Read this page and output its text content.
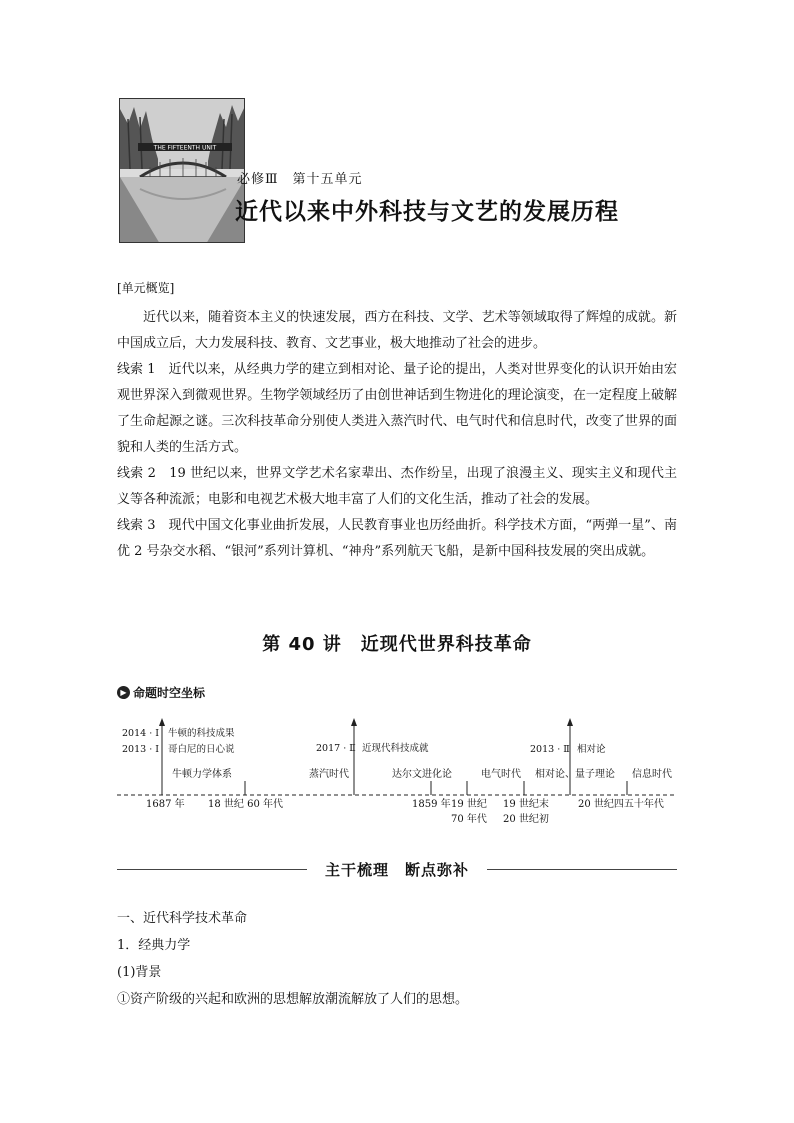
THE FIFTEENTH UNIT
必修Ⅲ　第十五单元
近代以来中外科技与文艺的发展历程
[单元概览]
近代以来，随着资本主义的快速发展，西方在科技、文学、艺术等领域取得了辉煌的成就。新中国成立后，大力发展科技、教育、文艺事业，极大地推动了社会的进步。
线索 1　近代以来，从经典力学的建立到相对论、量子论的提出，人类对世界变化的认识开始由宏观世界深入到微观世界。生物学领域经历了由创世神话到生物进化的理论演变，在一定程度上破解了生命起源之谜。三次科技革命分别使人类进入蒸汽时代、电气时代和信息时代，改变了世界的面貌和人类的生活方式。
线索 2　19 世纪以来，世界文学艺术名家辈出、杰作纷呈，出现了浪漫主义、现实主义和现代主义等各种流派；电影和电视艺术极大地丰富了人们的文化生活，推动了社会的发展。
线索 3　现代中国文化事业曲折发展，人民教育事业也历经曲折。科学技术方面，“两弹一星”、南优 2 号杂交水稻、“银河”系列计算机、“神舟”系列航天飞船，是新中国科技发展的突出成就。
第 40 讲　近现代世界科技革命
▶ 命题时空坐标
2014 · Ⅰ
2013 · Ⅰ
牛顿的科技成果
哥白尼的日心说	2017 · Ⅱ 近现代科技成就	2013 · Ⅱ 相对论
牛顿力学体系	蒸汽时代	达尔文进化论	电气时代 相对论、量子理论 信息时代
1687 年 18 世纪 60 年代	1859 年 19 世纪
70 年代
19 世纪末
20 世纪初
20 世纪四五十年代
主干梳理　断点弥补
一、近代科学技术革命
1．经典力学
(1)背景
①资产阶级的兴起和欧洲的思想解放潮流解放了人们的思想。
